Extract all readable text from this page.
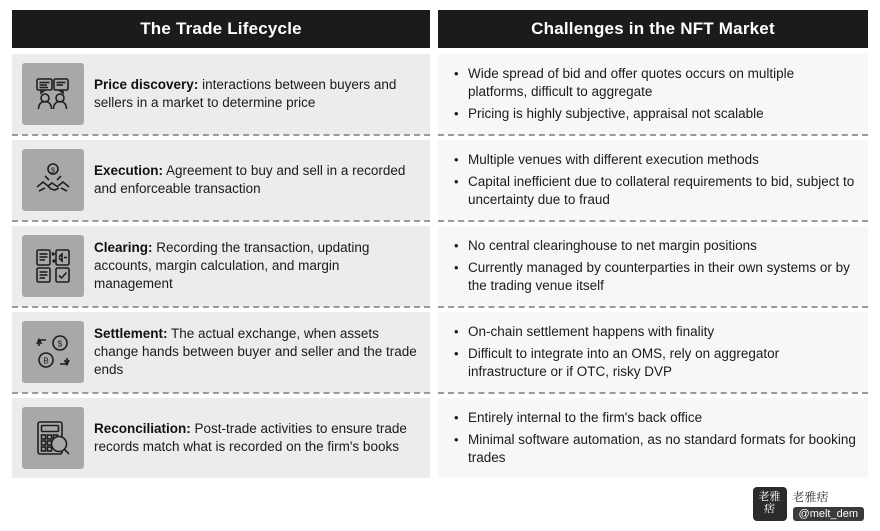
The Trade Lifecycle		Challenges in the NFT Market

Price discovery: interactions between buyers and sellers in a market to determine price

• Wide spread of bid and offer quotes occurs on multiple platforms, difficult to aggregate
• Pricing is highly subjective, appraisal not scalable

$	Execution: Agreement to buy and sell in a recorded and enforceable transaction

• Multiple venues with different execution methods
• Capital inefficient due to collateral requirements to bid, subject to uncertainty due to fraud

Clearing: Recording the transaction, updating accounts, margin calculation, and margin management

• No central clearinghouse to net margin positions
• Currently managed by counterparties in their own systems or by the trading venue itself

$
B
Settlement: The actual exchange, when assets change hands between buyer and seller and the trade ends

• On-chain settlement happens with finality
• Difficult to integrate into an OMS, rely on aggregator infrastructure or if OTC, risky DVP

Reconciliation: Post-trade activities to ensure trade records match what is recorded on the firm's books

• Entirely internal to the firm's back office
• Minimal software automation, as no standard formats for booking trades
老雅痞
老雅痞
@melt_dem
